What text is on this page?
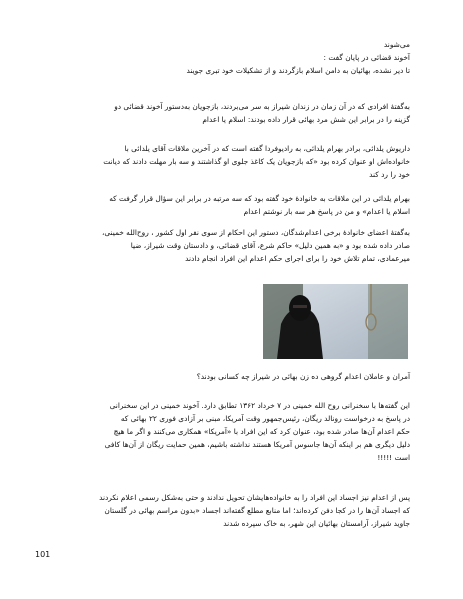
می‌شوند
آخوند قضائی در پایان گفت :
تا دیر نشده، بهائیان به دامن اسلام بازگردند و از تشکیلات خود تبری جویند
به‌گفتهٔ افرادی که در آن زمان در زندان شیراز به سر می‌بردند، بازجویان به‌دستور آخوند قضائی دو
گزینه را در برابر این شش مرد بهائی قرار داده بودند: اسلام یا اعدام
داریوش یلدائی، برادر بهرام یلدائی، به رادیوفردا گفته است که در آخرین ملاقات آقای یلدائی با
خانواده‌اش او عنوان کرده بود «که بازجویان یک کاغذ جلوی او گذاشتند و سه بار مهلت دادند که دیانت
خود را رد کند
بهرام یلدائی در این ملاقات به خانوادهٔ خود گفته بود که سه مرتبه در برابر این سؤال قرار گرفت که
اسلام یا اعدام» و من در پاسخ هر سه بار نوشتم اعدام
به‌گفتهٔ اعضای خانوادهٔ برخی اعدام‌شدگان، دستور این احکام از سوی نفر اول کشور ، روح‌الله خمینی،
صادر داده شده بود و «به همین دلیل» حاکم شرع، آقای قضائی، و دادستان وقت شیراز، ضیا
میرعمادی، تمام تلاش خود را برای اجرای حکم اعدام این افراد انجام دادند
آمران و عاملان اعدام گروهی ده زن بهائی در شیراز چه کسانی بودند؟
این گفته‌ها با سخنرانی روح الله خمینی در ۷ خرداد ۱۳۶۲ تطابق دارد. آخوند خمینی در این سخنرانی
در پاسخ به درخواست رونالد ریگان، رئیس‌جمهور وقت آمریکا، مبنی بر آزادی فوری ۲۲ بهائی که
حکم اعدام آن‌ها صادر شده بود، عنوان کرد که این افراد با «آمریکا» همکاری می‌کنند و اگر ما هیچ
دلیل دیگری هم بر اینکه آن‌ها جاسوس آمریکا هستند نداشته باشیم، همین حمایت ریگان از آن‌ها کافی
است !!!!!
پس از اعدام نیز اجساد این افراد را به خانواده‌هایشان تحویل ندادند و حتی به‌شکل رسمی اعلام نکردند
که اجساد آن‌ها را در کجا دفن کرده‌اند؛ اما منابع مطلع گفته‌اند اجساد «بدون مراسم بهائی در گلستان
جاوید شیراز، آرامستان بهائیان این شهر، به خاک سپرده شدند
101
